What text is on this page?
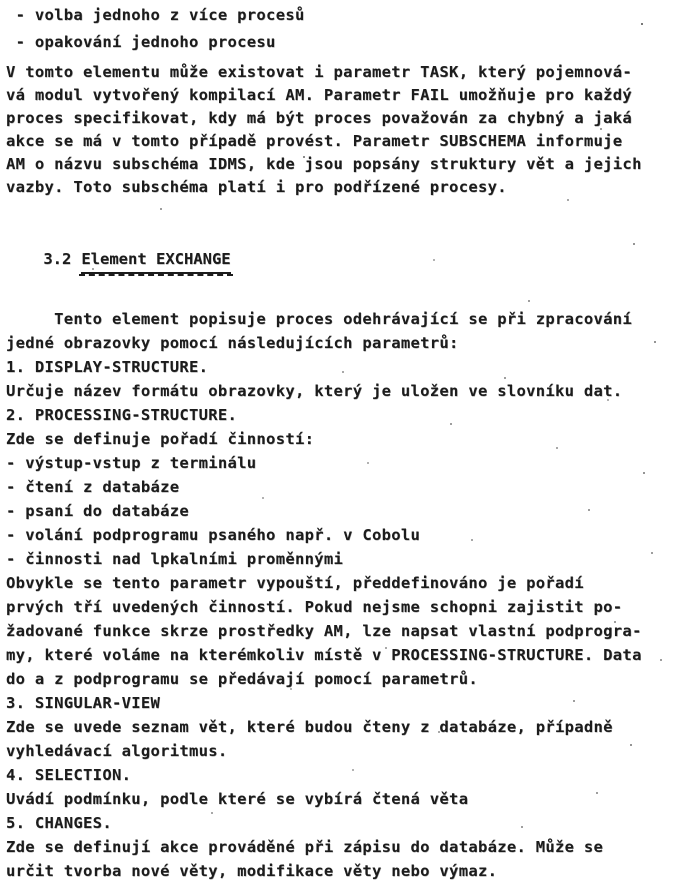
- volba jednoho z více procesů
- opakování jednoho procesu
V tomto elementu může existovat i parametr TASK, který pojemnová-
vá modul vytvořený kompilací AM. Parametr FAIL umožňuje pro každý
proces specifikovat, kdy má být proces považován za chybný a jaká
akce se má v tomto případě provést. Parametr SUBSCHEMA informuje
AM o názvu subschéma IDMS, kde jsou popsány struktury vět a jejich
vazby. Toto subschéma platí i pro podřízené procesy.

3.2 Element EXCHANGE

Tento element popisuje proces odehrávající se při zpracování
jedné obrazovky pomocí následujících parametrů:
1. DISPLAY-STRUCTURE.
Určuje název formátu obrazovky, který je uložen ve slovníku dat.
2. PROCESSING-STRUCTURE.
Zde se definuje pořadí činností:
- výstup-vstup z terminálu
- čtení z databáze
- psaní do databáze
- volání podprogramu psaného např. v Cobolu
- činnosti nad lpkalními proměnnými
Obvykle se tento parametr vypouští, předdefinováno je pořadí
prvých tří uvedených činností. Pokud nejsme schopni zajistit po-
žadované funkce skrze prostředky AM, lze napsat vlastní podprogra-
my, které voláme na kterémkoliv místě v PROCESSING-STRUCTURE. Data
do a z podprogramu se předávají pomocí parametrů.
3. SINGULAR-VIEW
Zde se uvede seznam vět, které budou čteny z databáze, případně
vyhledávací algoritmus.
4. SELECTION.
Uvádí podmínku, podle které se vybírá čtená věta
5. CHANGES.
Zde se definují akce prováděné při zápisu do databáze. Může se
určit tvorba nové věty, modifikace věty nebo výmaz.
